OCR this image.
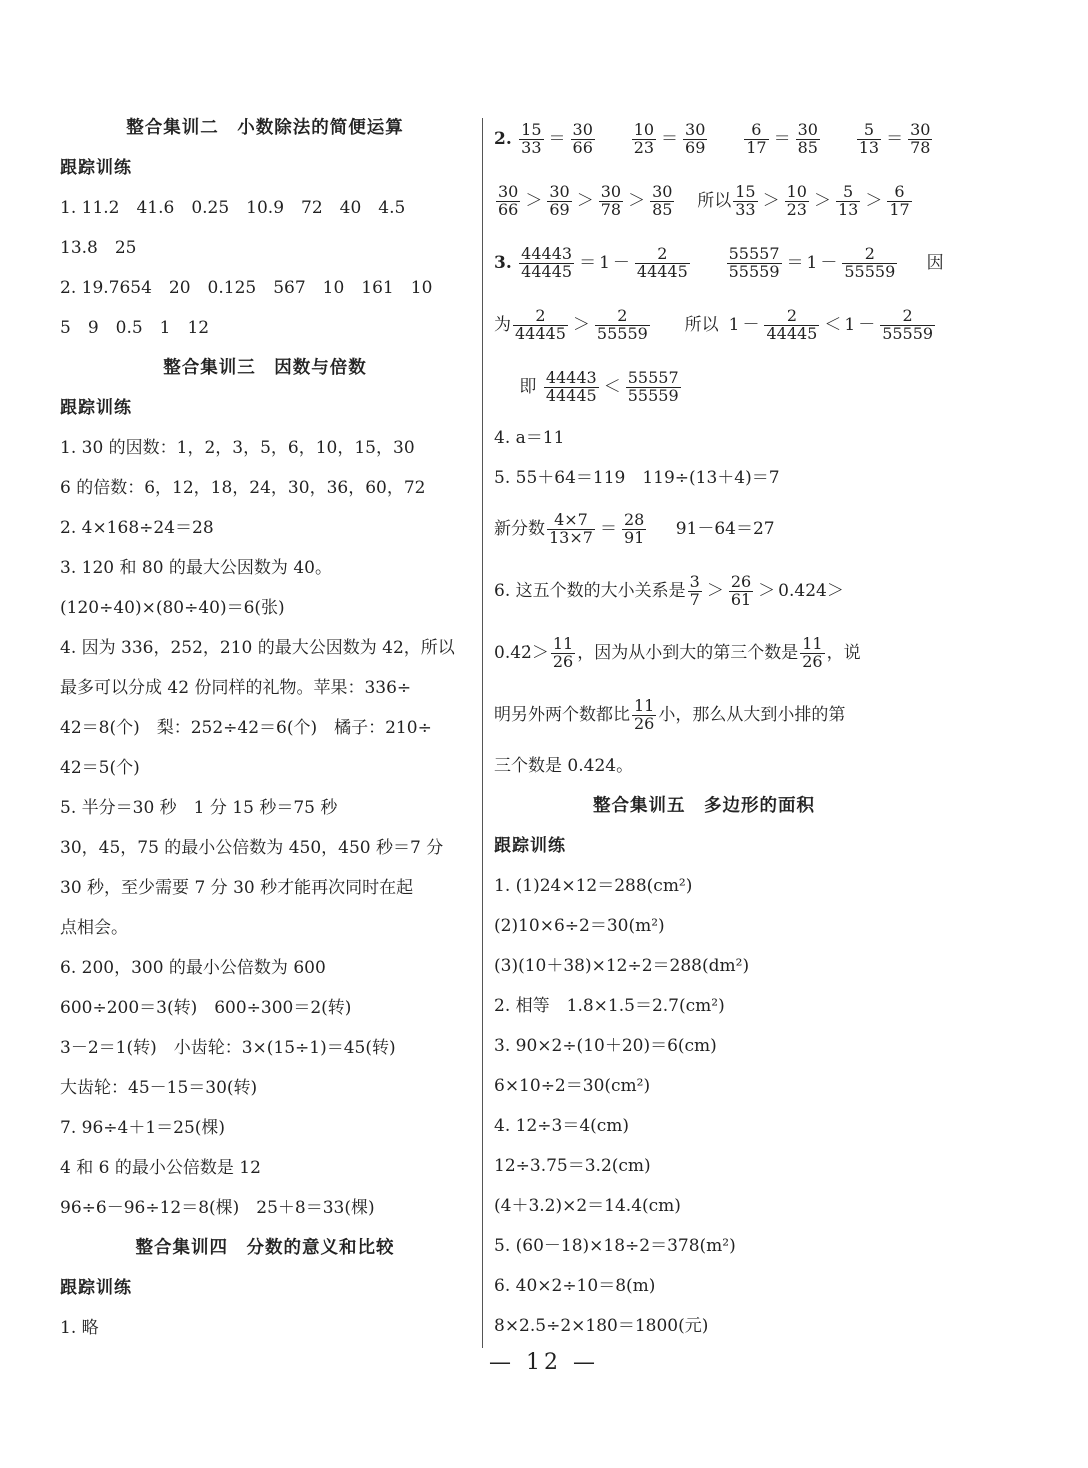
整合集训二　小数除法的简便运算
跟踪训练
1. 11.2　41.6　0.25　10.9　72　40　4.5
13.8　25
2. 19.7654　20　0.125　567　10　161　10
5　9　0.5　1　12
整合集训三　因数与倍数
跟踪训练
1. 30 的因数：1，2，3，5，6，10，15，30
6 的倍数：6，12，18，24，30，36，60，72
2. 4×168÷24＝28
3. 120 和 80 的最大公因数为 40。
(120÷40)×(80÷40)＝6(张)
4. 因为 336，252，210 的最大公因数为 42，所以
最多可以分成 42 份同样的礼物。苹果：336÷
42＝8(个)　梨：252÷42＝6(个)　橘子：210÷
42＝5(个)
5. 半分＝30 秒　1 分 15 秒＝75 秒
30，45，75 的最小公倍数为 450，450 秒＝7 分
30 秒，至少需要 7 分 30 秒才能再次同时在起
点相会。
6. 200，300 的最小公倍数为 600
600÷200＝3(转)　600÷300＝2(转)
3－2＝1(转)　小齿轮：3×(15÷1)＝45(转)
大齿轮：45－15＝30(转)
7. 96÷4＋1＝25(棵)
4 和 6 的最小公倍数是 12
96÷6－96÷12＝8(棵)　25＋8＝33(棵)
整合集训四　分数的意义和比较
跟踪训练
1. 略
2. $\frac{15}{33} = \frac{30}{66}$
$\frac{10}{23} = \frac{30}{69}$
$\frac{6}{17} = \frac{30}{85}$
$\frac{5}{13} = \frac{30}{78}$
$\frac{30}{66} > \frac{30}{69} > \frac{30}{78} > \frac{30}{85}$ 所以 $\frac{15}{33} > \frac{10}{23} > \frac{5}{13} > \frac{6}{17}$
3. $\frac{44443}{44445} = 1 - \frac{2}{44445}$
$\frac{55557}{55559} = 1 - \frac{2}{55559}$ 因
为 $\frac{2}{44445} > \frac{2}{55559}$ 所以 $1 - \frac{2}{44445} < 1 - \frac{2}{55559}$
即 $\frac{44443}{44445} < \frac{55557}{55559}$
4. a＝11
5. 55＋64＝119　119÷(13＋4)＝7
新分数 $\frac{4\times 7}{13\times 7} = \frac{28}{91} 91-64=27$
6. 这五个数的大小关系是 $\frac{3}{7} > \frac{26}{61}$ ＞ 0.424̇＞
0.4̇2̇＞ $\frac{11}{26}$ ，因为从小到大的第三个数是 $\frac{11}{26}$ ，说
明另外两个数都比 $\frac{11}{26}$ 小，那么从大到小排的第
三个数是 0.424̇。
整合集训五　多边形的面积
跟踪训练
1. (1)24×12＝288(cm²)
(2)10×6÷2＝30(m²)
(3)(10＋38)×12÷2＝288(dm²)
2. 相等　1.8×1.5＝2.7(cm²)
3. 90×2÷(10＋20)＝6(cm)
6×10÷2＝30(cm²)
4. 12÷3＝4(cm)
12÷3.75＝3.2(cm)
(4＋3.2)×2＝14.4(cm)
5. (60－18)×18÷2＝378(m²)
6. 40×2÷10＝8(m)
8×2.5÷2×180＝1800(元)
— 12 —
